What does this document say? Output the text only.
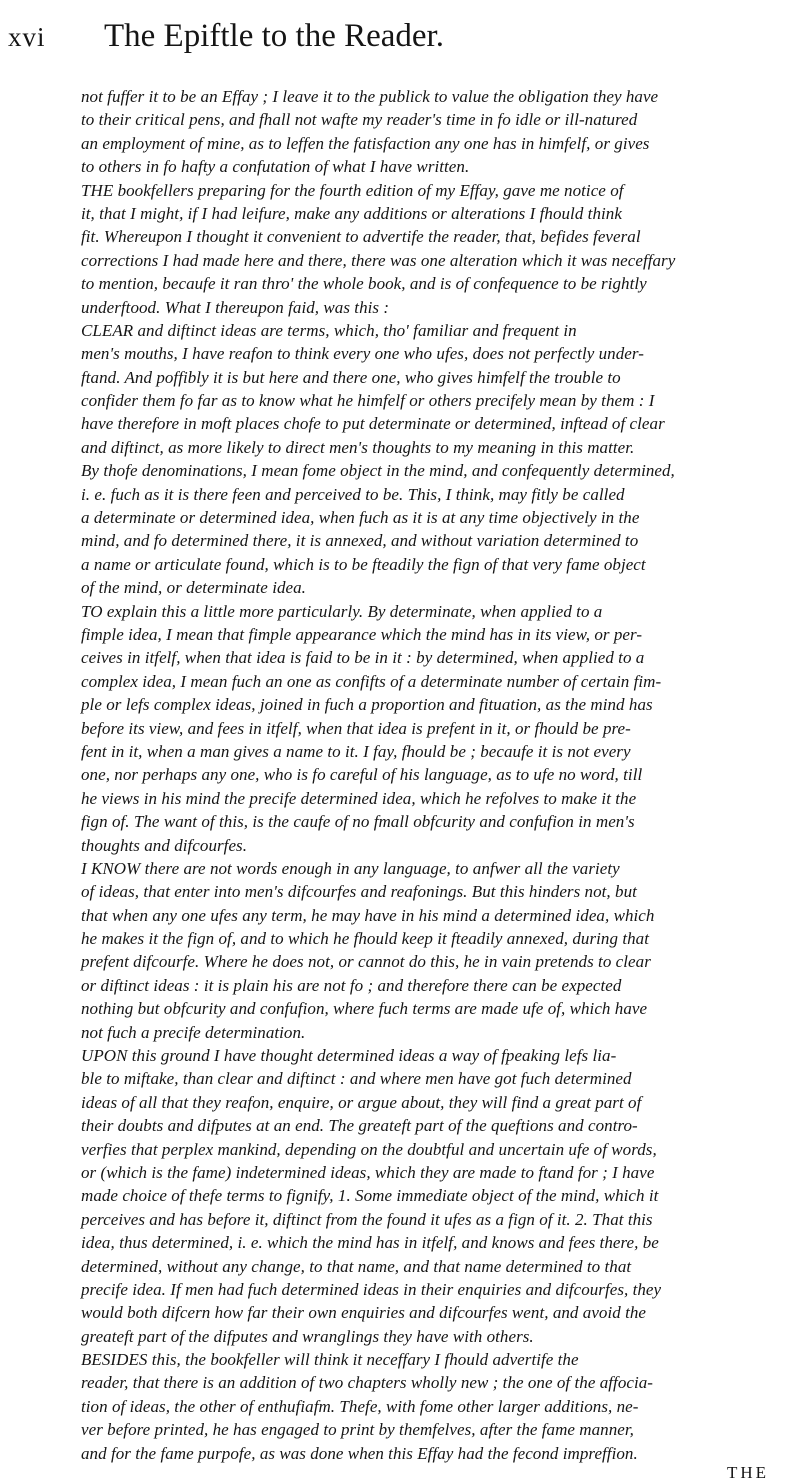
xvi The Epiftle to the Reader.
not fuffer it to be an Effay ; I leave it to the publick to value the obligation they have
to their critical pens, and fhall not wafte my reader's time in fo idle or ill-natured
an employment of mine, as to leffen the fatisfaction any one has in himfelf, or gives
to others in fo hafty a confutation of what I have written.
THE bookfellers preparing for the fourth edition of my Effay, gave me notice of
it, that I might, if I had leifure, make any additions or alterations I fhould think
fit. Whereupon I thought it convenient to advertife the reader, that, befides feveral
corrections I had made here and there, there was one alteration which it was neceffary
to mention, becaufe it ran thro' the whole book, and is of confequence to be rightly
underftood. What I thereupon faid, was this :
CLEAR and diftinct ideas are terms, which, tho' familiar and frequent in
men's mouths, I have reafon to think every one who ufes, does not perfectly under-
ftand. And poffibly it is but here and there one, who gives himfelf the trouble to
confider them fo far as to know what he himfelf or others precifely mean by them : I
have therefore in moft places chofe to put determinate or determined, inftead of clear
and diftinct, as more likely to direct men's thoughts to my meaning in this matter.
By thofe denominations, I mean fome object in the mind, and confequently determined,
i. e. fuch as it is there feen and perceived to be. This, I think, may fitly be called
a determinate or determined idea, when fuch as it is at any time objectively in the
mind, and fo determined there, it is annexed, and without variation determined to
a name or articulate found, which is to be fteadily the fign of that very fame object
of the mind, or determinate idea.
TO explain this a little more particularly. By determinate, when applied to a
fimple idea, I mean that fimple appearance which the mind has in its view, or per-
ceives in itfelf, when that idea is faid to be in it : by determined, when applied to a
complex idea, I mean fuch an one as confifts of a determinate number of certain fim-
ple or lefs complex ideas, joined in fuch a proportion and fituation, as the mind has
before its view, and fees in itfelf, when that idea is prefent in it, or fhould be pre-
fent in it, when a man gives a name to it. I fay, fhould be ; becaufe it is not every
one, nor perhaps any one, who is fo careful of his language, as to ufe no word, till
he views in his mind the precife determined idea, which he refolves to make it the
fign of. The want of this, is the caufe of no fmall obfcurity and confufion in men's
thoughts and difcourfes.
I KNOW there are not words enough in any language, to anfwer all the variety
of ideas, that enter into men's difcourfes and reafonings. But this hinders not, but
that when any one ufes any term, he may have in his mind a determined idea, which
he makes it the fign of, and to which he fhould keep it fteadily annexed, during that
prefent difcourfe. Where he does not, or cannot do this, he in vain pretends to clear
or diftinct ideas : it is plain his are not fo ; and therefore there can be expected
nothing but obfcurity and confufion, where fuch terms are made ufe of, which have
not fuch a precife determination.
UPON this ground I have thought determined ideas a way of fpeaking lefs lia-
ble to miftake, than clear and diftinct : and where men have got fuch determined
ideas of all that they reafon, enquire, or argue about, they will find a great part of
their doubts and difputes at an end. The greateft part of the queftions and contro-
verfies that perplex mankind, depending on the doubtful and uncertain ufe of words,
or (which is the fame) indetermined ideas, which they are made to ftand for ; I have
made choice of thefe terms to fignify, 1. Some immediate object of the mind, which it
perceives and has before it, diftinct from the found it ufes as a fign of it. 2. That this
idea, thus determined, i. e. which the mind has in itfelf, and knows and fees there, be
determined, without any change, to that name, and that name determined to that
precife idea. If men had fuch determined ideas in their enquiries and difcourfes, they
would both difcern how far their own enquiries and difcourfes went, and avoid the
greateft part of the difputes and wranglings they have with others.
BESIDES this, the bookfeller will think it neceffary I fhould advertife the
reader, that there is an addition of two chapters wholly new ; the one of the affocia-
tion of ideas, the other of enthufiafm. Thefe, with fome other larger additions, ne-
ver before printed, he has engaged to print by themfelves, after the fame manner,
and for the fame purpofe, as was done when this Effay had the fecond impreffion.
THE
